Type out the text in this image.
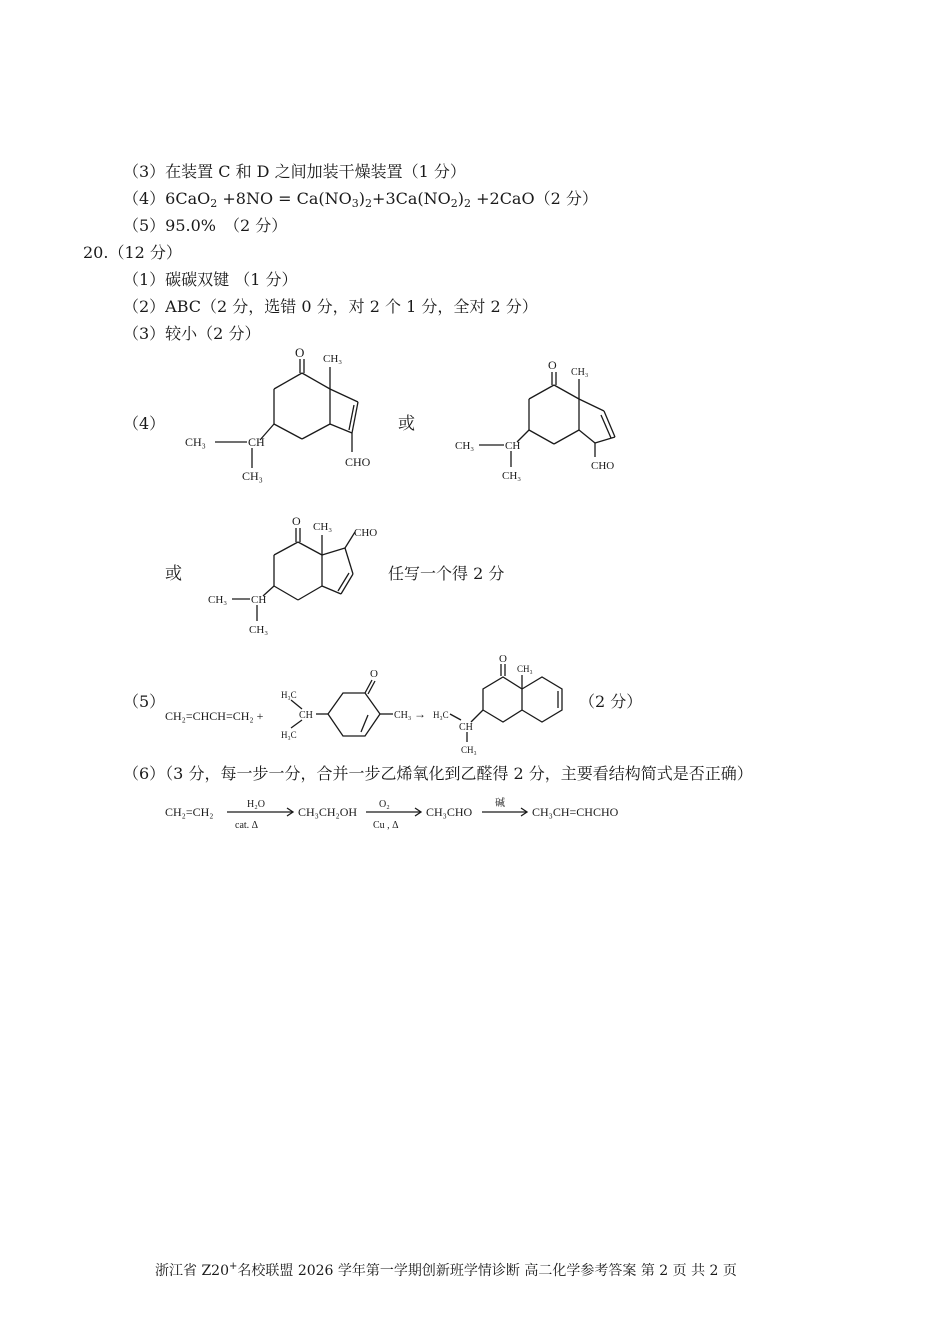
（3）在装置 C 和 D 之间加装干燥装置（1 分）
$(4)6CaO_2 +8NO = Ca(NO_3)_2+3Ca(NO_2)_2 +2CaO(2$ 分）
（5）95.0%　（2 分）
20.（12 分）
（1）碳碳双键 （1 分）
（2）ABC（2 分，选错 0 分，对 2 个 1 分，全对 2 分）
（3）较小（2 分）
（4）
O CH₃
CHO
CH
CH₃
CH₃
或
O
CH₃
CHO
CH
CH₃
CH₃
或
O CH₃ CHO
CH
CH₃
CH₃
任写一个得 2 分
（5）
CH₂=CHCH=CH₂ +
H₃C
CH
H₃C
O
CH₃ → H₃C
CH
CH₃
O
CH₃
（2 分）
（6）（3 分，每一步一分，合并一步乙烯氧化到乙醛得 2 分，主要看结构简式是否正确）
CH₂=CH₂
H₂O
cat. Δ
CH₃CH₂OH
O₂
Cu , Δ
CH₃CHO
碱
CH₃CH=CHCHO
浙江省 Z20+名校联盟 2026 学年第一学期创新班学情诊断 高二化学参考答案 第 2 页 共 2 页
